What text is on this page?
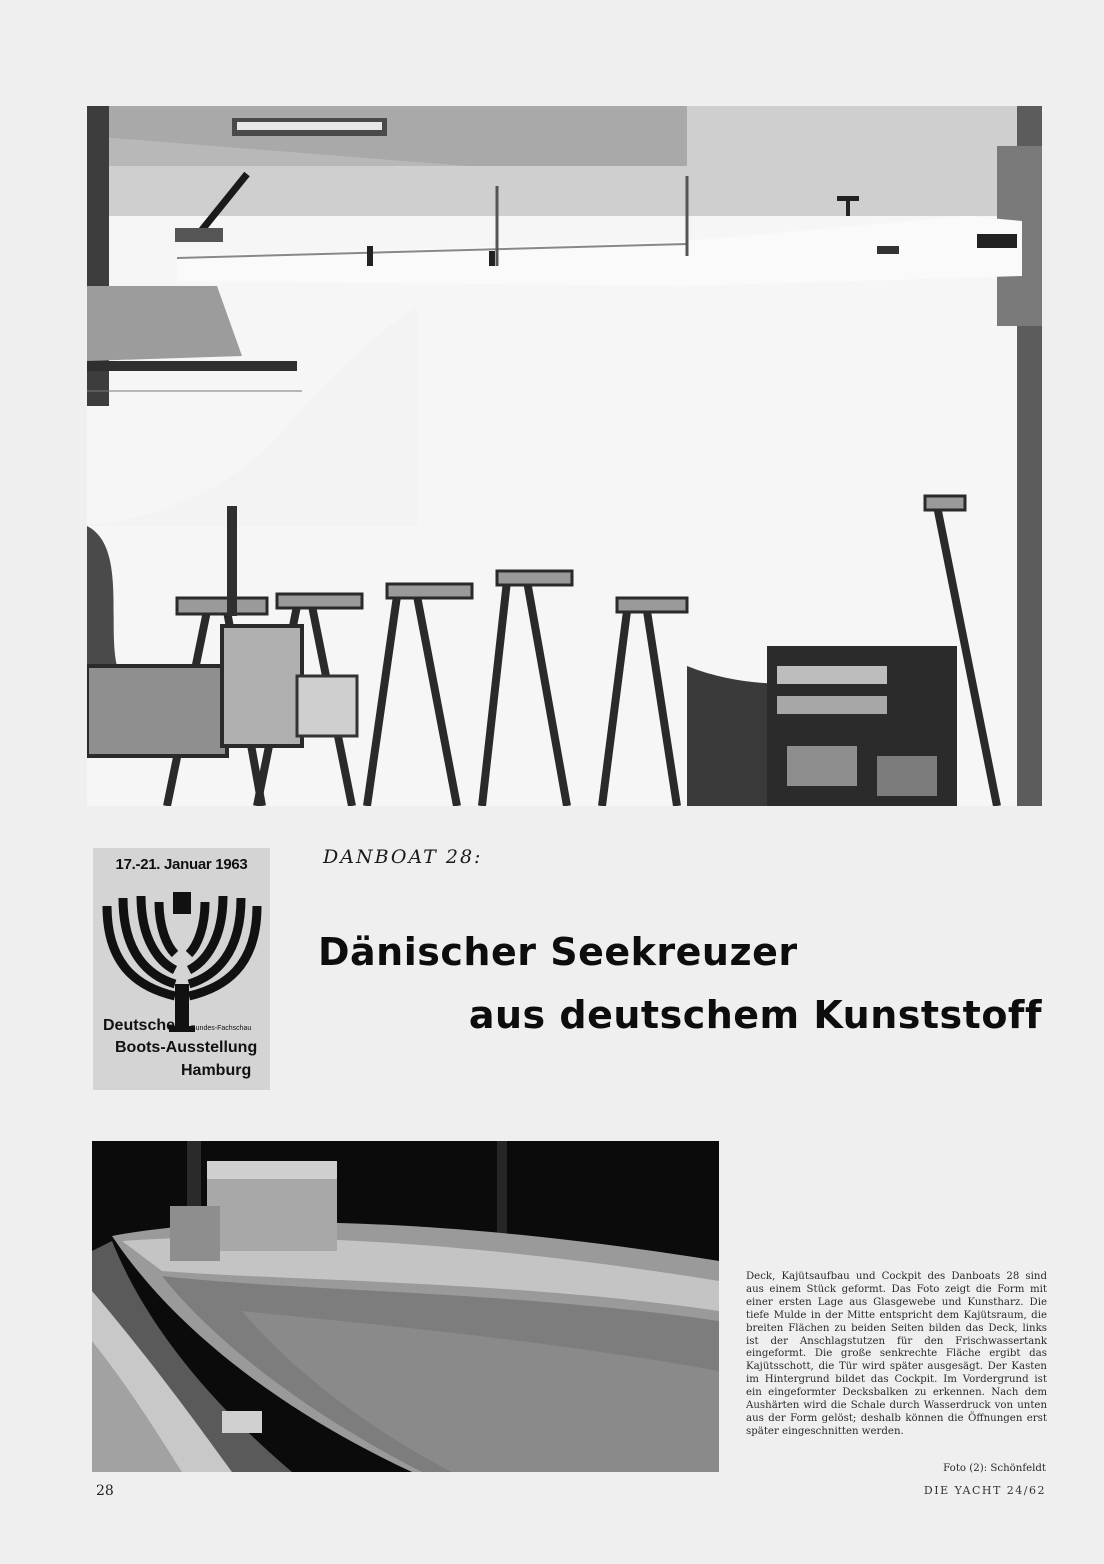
17.-21. Januar 1963
Deutsche Bundes-Fachschau
Boots-Ausstellung
Hamburg
DANBOAT 28:
Dänischer Seekreuzer
aus deutschem Kunststoff
Deck, Kajütsaufbau und Cockpit des Danboats 28 sind aus einem Stück geformt. Das Foto zeigt die Form mit einer ersten Lage aus Glasgewebe und Kunstharz. Die tiefe Mulde in der Mitte entspricht dem Kajütsraum, die breiten Flächen zu beiden Seiten bilden das Deck, links ist der Anschlagstutzen für den Frischwassertank eingeformt. Die große senkrechte Fläche ergibt das Kajütsschott, die Tür wird später ausgesägt. Der Kasten im Hintergrund bildet das Cockpit. Im Vordergrund ist ein eingeformter Decksbalken zu erkennen. Nach dem Aushärten wird die Schale durch Wasserdruck von unten aus der Form gelöst; deshalb können die Öffnungen erst später eingeschnitten werden.
Foto (2): Schönfeldt
28	DIE YACHT 24/62
